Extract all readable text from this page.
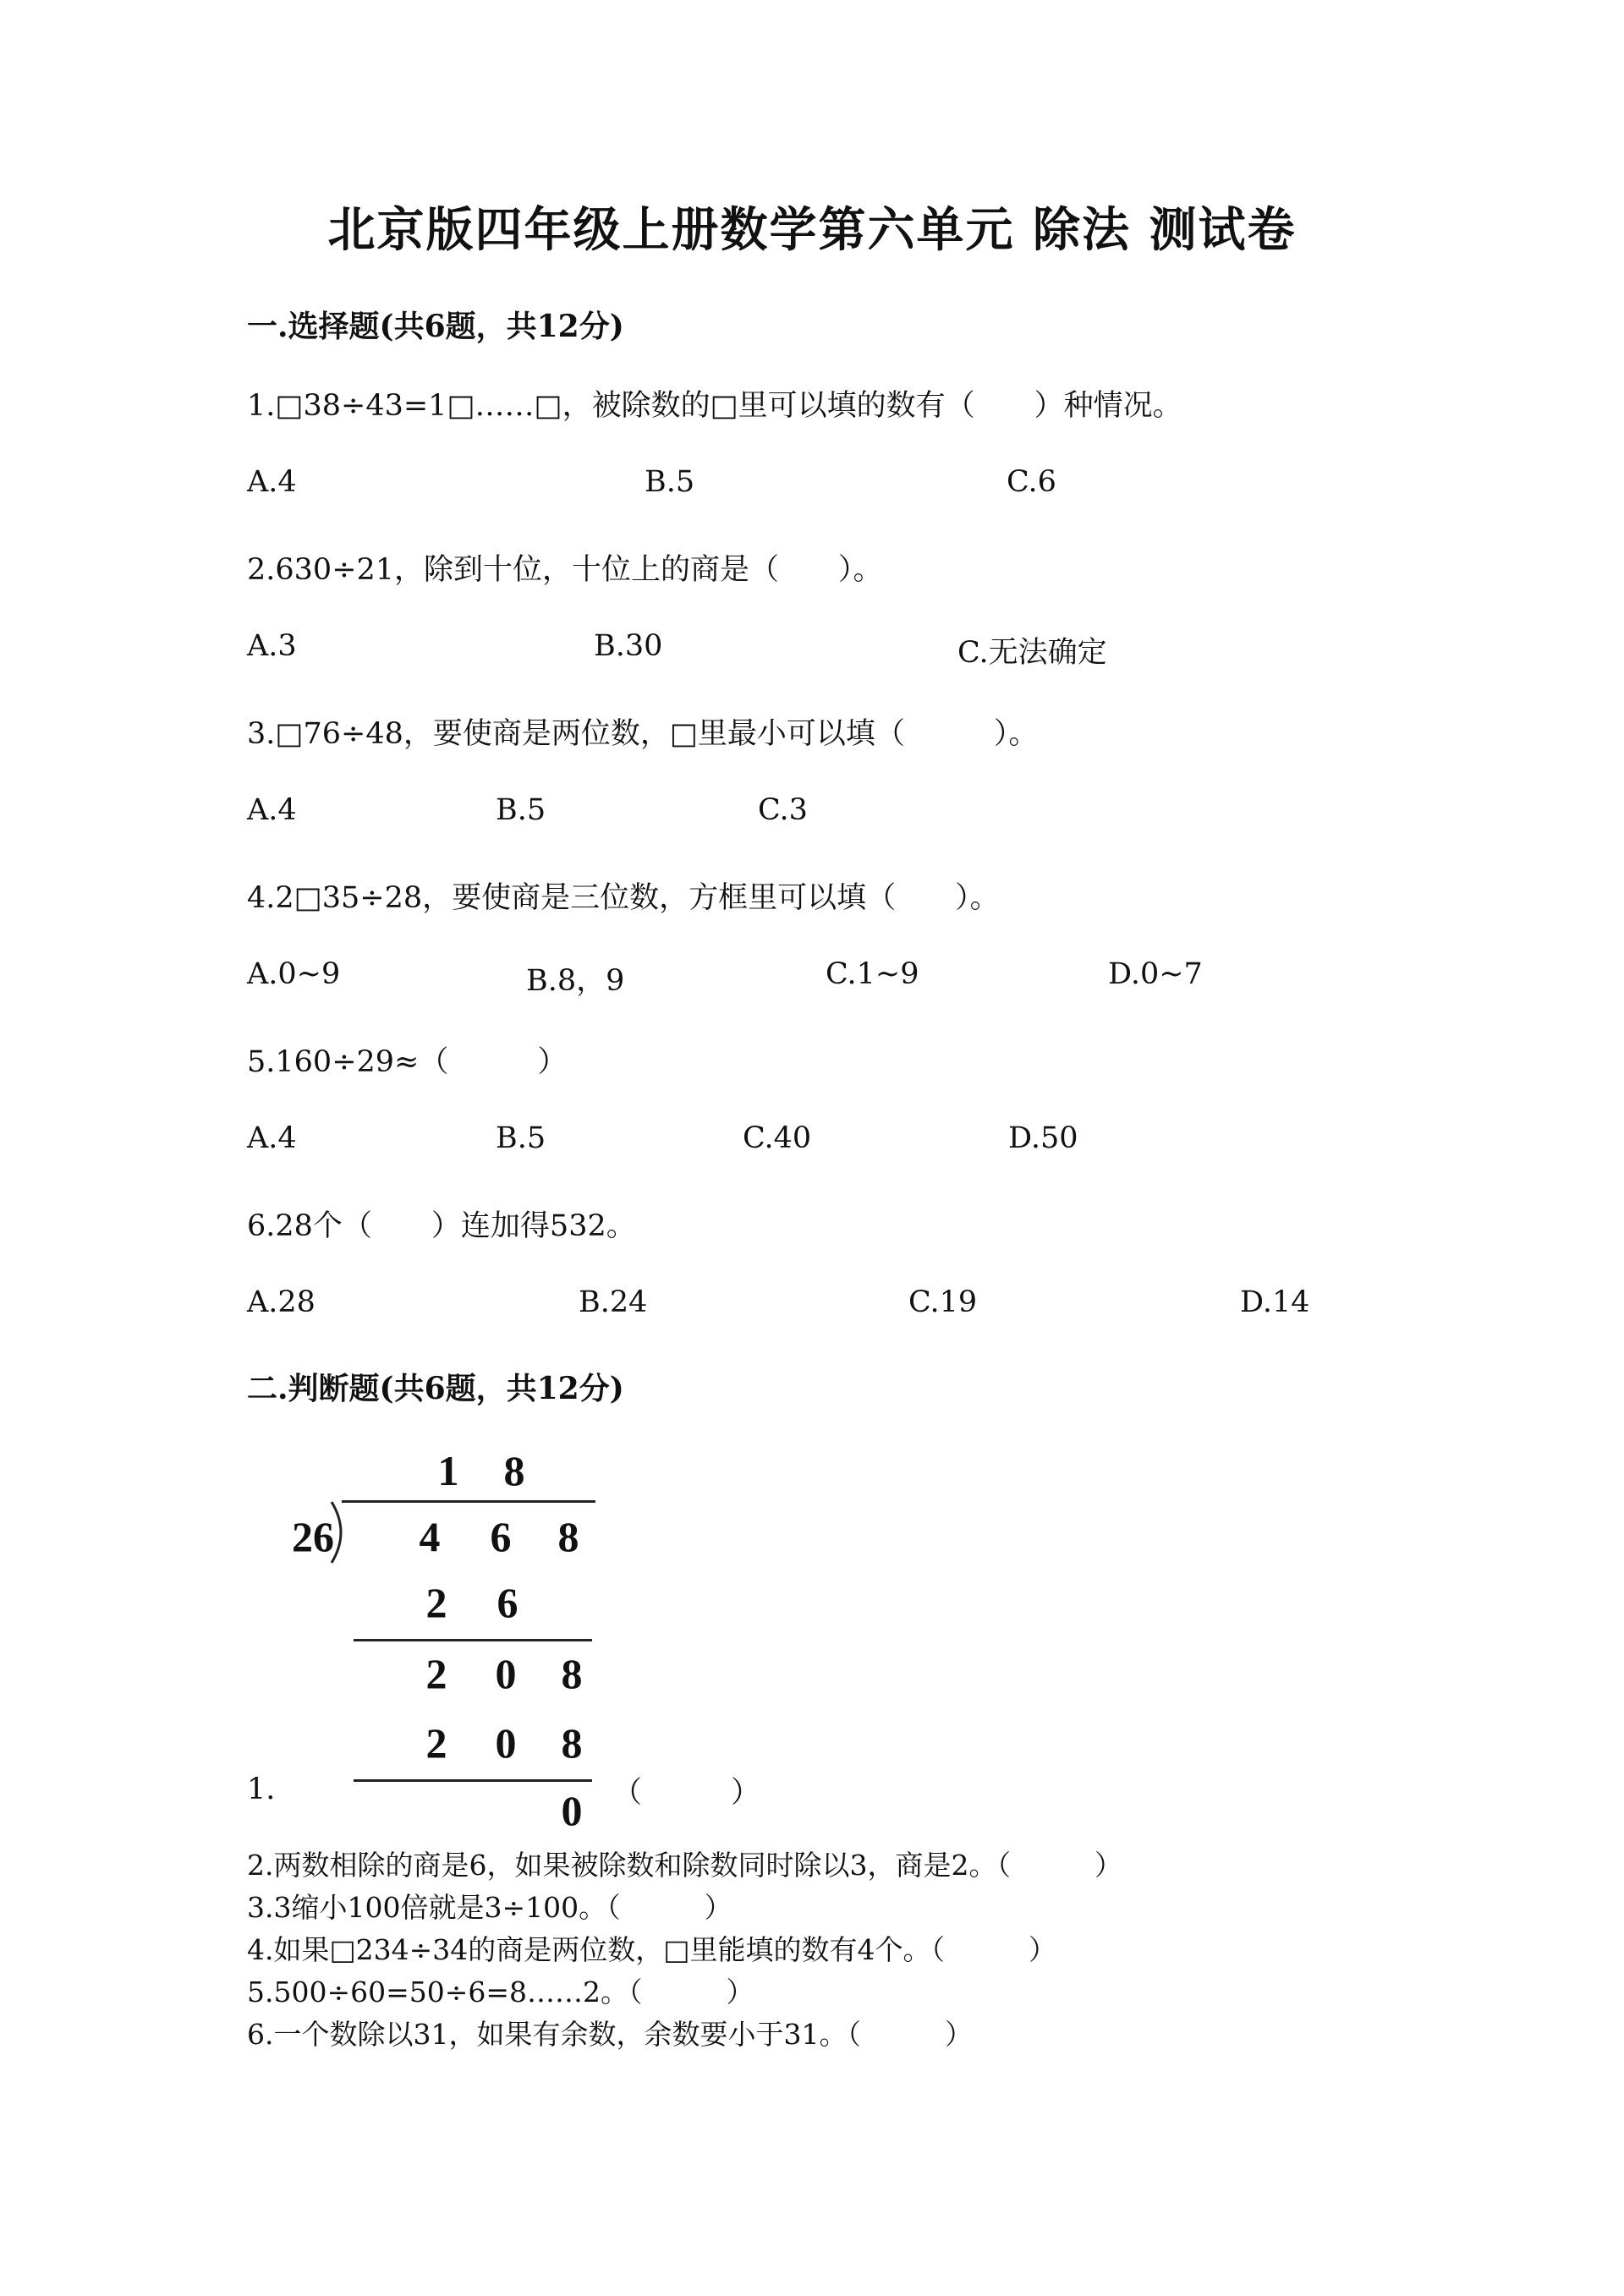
北京版四年级上册数学第六单元 除法 测试卷
一.选择题(共6题，共12分)
1.□38÷43=1□……□，被除数的□里可以填的数有（　　）种情况。
A.4	B.5	C.6
2.630÷21，除到十位，十位上的商是（　　）。
A.3	B.30	C.无法确定
3.□76÷48，要使商是两位数，□里最小可以填（　　　）。
A.4	B.5	C.3
4.2□35÷28，要使商是三位数，方框里可以填（　　）。
A.0~9	B.8，9	C.1~9	D.0~7
5.160÷29≈（　　　）
A.4	B.5	C.40	D.50
6.28个（　　）连加得532。
A.28	B.24	C.19	D.14
二.判断题(共6题，共12分)
1 8
26	4 6 8
2 6
2 0 8
2 0 8
0
1.	（　　　）
2.两数相除的商是6，如果被除数和除数同时除以3，商是2。（　　　）
3.3缩小100倍就是3÷100。（　　　）
4.如果□234÷34的商是两位数，□里能填的数有4个。（　　　）
5.500÷60=50÷6=8……2。（　　　）
6.一个数除以31，如果有余数，余数要小于31。（　　　）
